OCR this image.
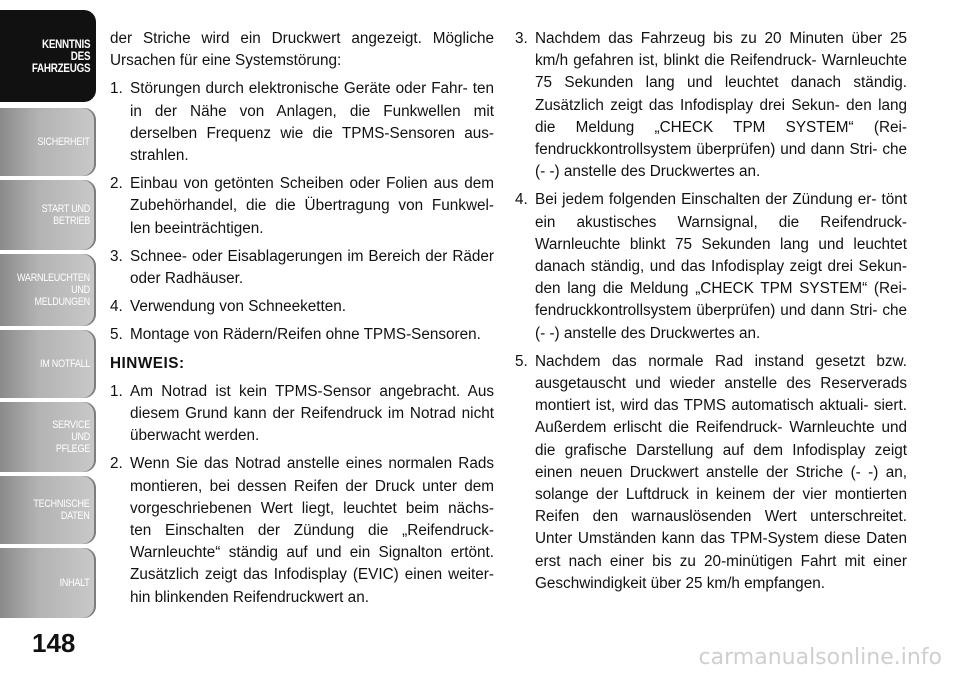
KENNTNIS
DES
FAHRZEUGS
SICHERHEIT
START UND
BETRIEB
WARNLEUCHTEN
UND
MELDUNGEN
IM NOTFALL
SERVICE
UND
PFLEGE
TECHNISCHE
DATEN
INHALT
148

der Striche wird ein Druckwert angezeigt. Mögliche Ursachen für eine Systemstörung:

1. Störungen durch elektronische Geräte oder Fahr- ten in der Nähe von Anlagen, die Funkwellen mit derselben Frequenz wie die TPMS-Sensoren aus- strahlen.
2. Einbau von getönten Scheiben oder Folien aus dem Zubehörhandel, die die Übertragung von Funkwel- len beeinträchtigen.
3. Schnee- oder Eisablagerungen im Bereich der Räder oder Radhäuser.
4. Verwendung von Schneeketten.
5. Montage von Rädern/Reifen ohne TPMS-Sensoren.
HINWEIS:
1. Am Notrad ist kein TPMS-Sensor angebracht. Aus diesem Grund kann der Reifendruck im Notrad nicht überwacht werden.
2. Wenn Sie das Notrad anstelle eines normalen Rads montieren, bei dessen Reifen der Druck unter dem vorgeschriebenen Wert liegt, leuchtet beim nächs- ten Einschalten der Zündung die „Reifendruck- Warnleuchte“ ständig auf und ein Signalton ertönt. Zusätzlich zeigt das Infodisplay (EVIC) einen weiter- hin blinkenden Reifendruckwert an.
3. Nachdem das Fahrzeug bis zu 20 Minuten über 25 km/h gefahren ist, blinkt die Reifendruck- Warnleuchte 75 Sekunden lang und leuchtet danach ständig. Zusätzlich zeigt das Infodisplay drei Sekun- den lang die Meldung „CHECK TPM SYSTEM“ (Rei- fendruckkontrollsystem überprüfen) und dann Stri- che (- -) anstelle des Druckwertes an.
4. Bei jedem folgenden Einschalten der Zündung er- tönt ein akustisches Warnsignal, die Reifendruck- Warnleuchte blinkt 75 Sekunden lang und leuchtet danach ständig, und das Infodisplay zeigt drei Sekun- den lang die Meldung „CHECK TPM SYSTEM“ (Rei- fendruckkontrollsystem überprüfen) und dann Stri- che (- -) anstelle des Druckwertes an.
5. Nachdem das normale Rad instand gesetzt bzw. ausgetauscht und wieder anstelle des Reserverads montiert ist, wird das TPMS automatisch aktuali- siert. Außerdem erlischt die Reifendruck- Warnleuchte und die grafische Darstellung auf dem Infodisplay zeigt einen neuen Druckwert anstelle der Striche (- -) an, solange der Luftdruck in keinem der vier montierten Reifen den warnauslösenden Wert unterschreitet. Unter Umständen kann das TPM-System diese Daten erst nach einer bis zu 20-minütigen Fahrt mit einer Geschwindigkeit über 25 km/h empfangen.
carmanualsonline.info
